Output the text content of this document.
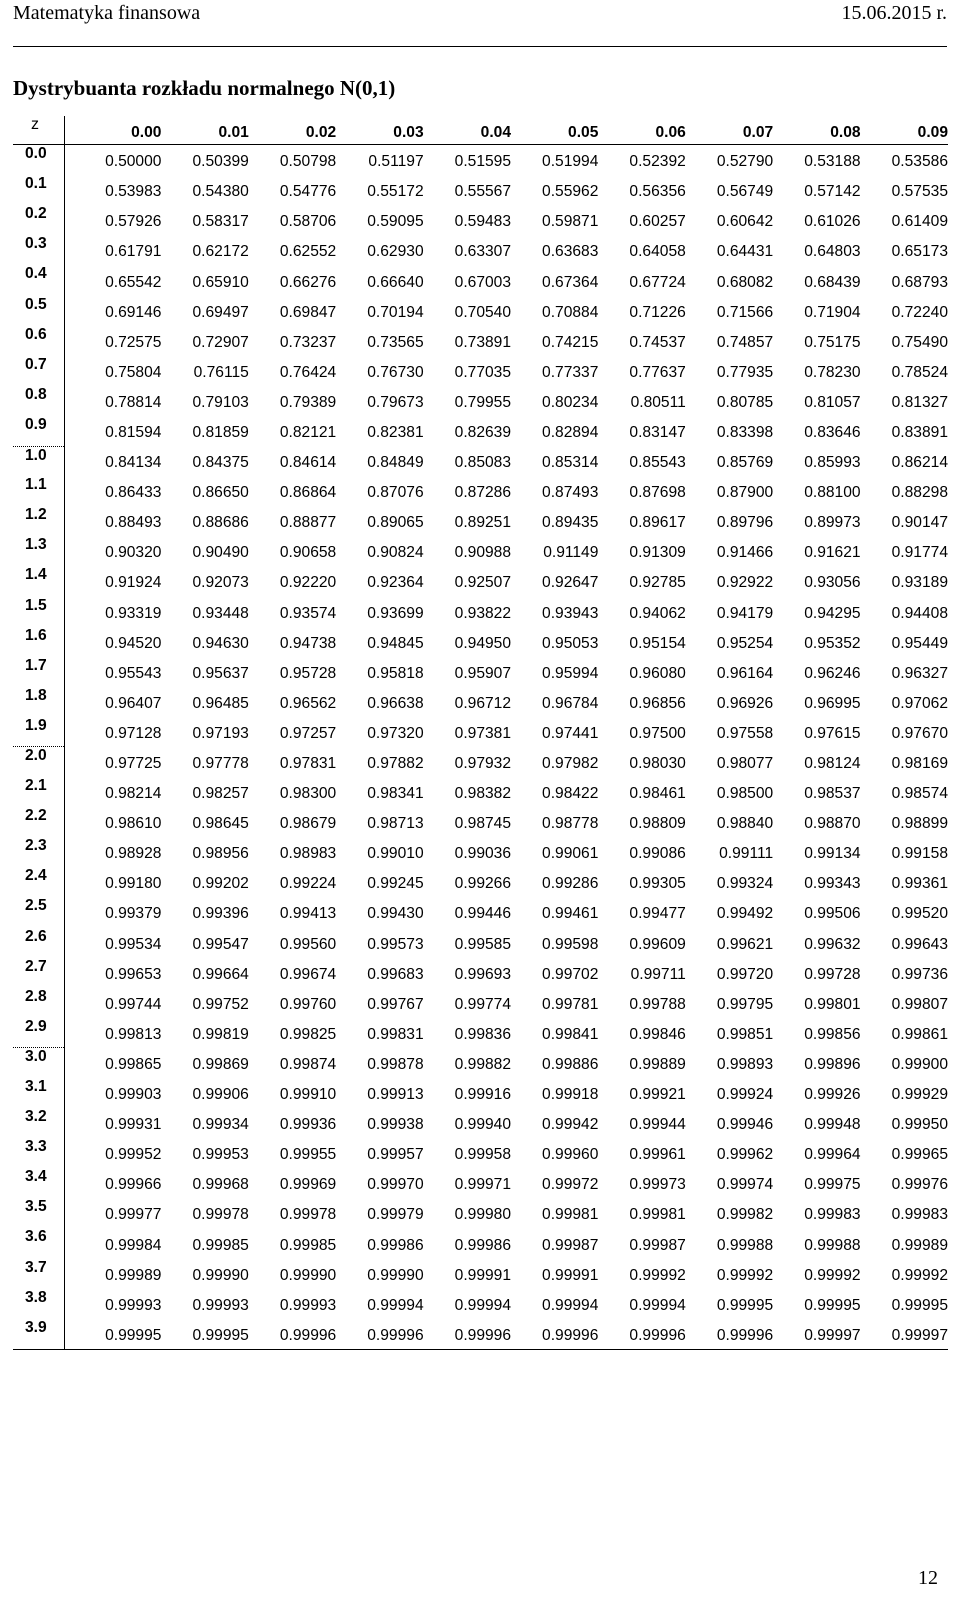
Matematyka finansowa	15.06.2015 r.
Dystrybuanta rozkładu normalnego N(0,1)
z	0.00	0.01	0.02	0.03	0.04	0.05	0.06	0.07	0.08	0.09
0.0	0.50000	0.50399	0.50798	0.51197	0.51595	0.51994	0.52392	0.52790	0.53188	0.53586
0.1	0.53983	0.54380	0.54776	0.55172	0.55567	0.55962	0.56356	0.56749	0.57142	0.57535
0.2	0.57926	0.58317	0.58706	0.59095	0.59483	0.59871	0.60257	0.60642	0.61026	0.61409
0.3	0.61791	0.62172	0.62552	0.62930	0.63307	0.63683	0.64058	0.64431	0.64803	0.65173
0.4	0.65542	0.65910	0.66276	0.66640	0.67003	0.67364	0.67724	0.68082	0.68439	0.68793
0.5	0.69146	0.69497	0.69847	0.70194	0.70540	0.70884	0.71226	0.71566	0.71904	0.72240
0.6	0.72575	0.72907	0.73237	0.73565	0.73891	0.74215	0.74537	0.74857	0.75175	0.75490
0.7	0.75804	0.76115	0.76424	0.76730	0.77035	0.77337	0.77637	0.77935	0.78230	0.78524
0.8	0.78814	0.79103	0.79389	0.79673	0.79955	0.80234	0.80511	0.80785	0.81057	0.81327
0.9	0.81594	0.81859	0.82121	0.82381	0.82639	0.82894	0.83147	0.83398	0.83646	0.83891
1.0	0.84134	0.84375	0.84614	0.84849	0.85083	0.85314	0.85543	0.85769	0.85993	0.86214
1.1	0.86433	0.86650	0.86864	0.87076	0.87286	0.87493	0.87698	0.87900	0.88100	0.88298
1.2	0.88493	0.88686	0.88877	0.89065	0.89251	0.89435	0.89617	0.89796	0.89973	0.90147
1.3	0.90320	0.90490	0.90658	0.90824	0.90988	0.91149	0.91309	0.91466	0.91621	0.91774
1.4	0.91924	0.92073	0.92220	0.92364	0.92507	0.92647	0.92785	0.92922	0.93056	0.93189
1.5	0.93319	0.93448	0.93574	0.93699	0.93822	0.93943	0.94062	0.94179	0.94295	0.94408
1.6	0.94520	0.94630	0.94738	0.94845	0.94950	0.95053	0.95154	0.95254	0.95352	0.95449
1.7	0.95543	0.95637	0.95728	0.95818	0.95907	0.95994	0.96080	0.96164	0.96246	0.96327
1.8	0.96407	0.96485	0.96562	0.96638	0.96712	0.96784	0.96856	0.96926	0.96995	0.97062
1.9	0.97128	0.97193	0.97257	0.97320	0.97381	0.97441	0.97500	0.97558	0.97615	0.97670
2.0	0.97725	0.97778	0.97831	0.97882	0.97932	0.97982	0.98030	0.98077	0.98124	0.98169
2.1	0.98214	0.98257	0.98300	0.98341	0.98382	0.98422	0.98461	0.98500	0.98537	0.98574
2.2	0.98610	0.98645	0.98679	0.98713	0.98745	0.98778	0.98809	0.98840	0.98870	0.98899
2.3	0.98928	0.98956	0.98983	0.99010	0.99036	0.99061	0.99086	0.99111	0.99134	0.99158
2.4	0.99180	0.99202	0.99224	0.99245	0.99266	0.99286	0.99305	0.99324	0.99343	0.99361
2.5	0.99379	0.99396	0.99413	0.99430	0.99446	0.99461	0.99477	0.99492	0.99506	0.99520
2.6	0.99534	0.99547	0.99560	0.99573	0.99585	0.99598	0.99609	0.99621	0.99632	0.99643
2.7	0.99653	0.99664	0.99674	0.99683	0.99693	0.99702	0.99711	0.99720	0.99728	0.99736
2.8	0.99744	0.99752	0.99760	0.99767	0.99774	0.99781	0.99788	0.99795	0.99801	0.99807
2.9	0.99813	0.99819	0.99825	0.99831	0.99836	0.99841	0.99846	0.99851	0.99856	0.99861
3.0	0.99865	0.99869	0.99874	0.99878	0.99882	0.99886	0.99889	0.99893	0.99896	0.99900
3.1	0.99903	0.99906	0.99910	0.99913	0.99916	0.99918	0.99921	0.99924	0.99926	0.99929
3.2	0.99931	0.99934	0.99936	0.99938	0.99940	0.99942	0.99944	0.99946	0.99948	0.99950
3.3	0.99952	0.99953	0.99955	0.99957	0.99958	0.99960	0.99961	0.99962	0.99964	0.99965
3.4	0.99966	0.99968	0.99969	0.99970	0.99971	0.99972	0.99973	0.99974	0.99975	0.99976
3.5	0.99977	0.99978	0.99978	0.99979	0.99980	0.99981	0.99981	0.99982	0.99983	0.99983
3.6	0.99984	0.99985	0.99985	0.99986	0.99986	0.99987	0.99987	0.99988	0.99988	0.99989
3.7	0.99989	0.99990	0.99990	0.99990	0.99991	0.99991	0.99992	0.99992	0.99992	0.99992
3.8	0.99993	0.99993	0.99993	0.99994	0.99994	0.99994	0.99994	0.99995	0.99995	0.99995
3.9	0.99995	0.99995	0.99996	0.99996	0.99996	0.99996	0.99996	0.99996	0.99997	0.99997
12
